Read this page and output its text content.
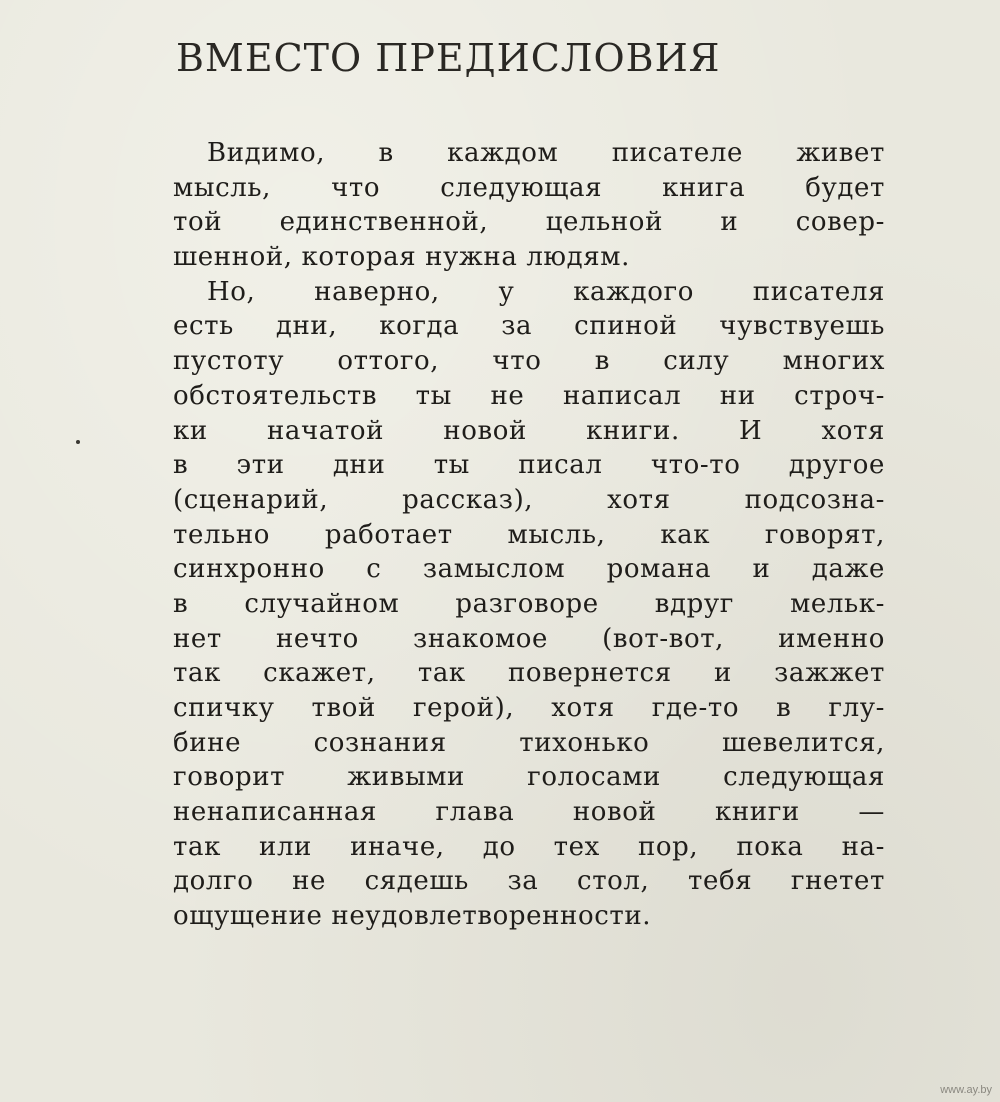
ВМЕСТО ПРЕДИСЛОВИЯ
Видимо, в каждом писателе живет
мысль, что следующая книга будет
той единственной, цельной и совер-
шенной, которая нужна людям.
Но, наверно, у каждого писателя
есть дни, когда за спиной чувствуешь
пустоту оттого, что в силу многих
обстоятельств ты не написал ни строч-
ки начатой новой книги. И хотя
в эти дни ты писал что-то другое
(сценарий, рассказ), хотя подсозна-
тельно работает мысль, как говорят,
синхронно с замыслом романа и даже
в случайном разговоре вдруг мельк-
нет нечто знакомое (вот-вот, именно
так скажет, так повернется и зажжет
спичку твой герой), хотя где-то в глу-
бине сознания тихонько шевелится,
говорит живыми голосами следующая
ненаписанная глава новой книги —
так или иначе, до тех пор, пока на-
долго не сядешь за стол, тебя гнетет
ощущение неудовлетворенности.
www.ay.by
